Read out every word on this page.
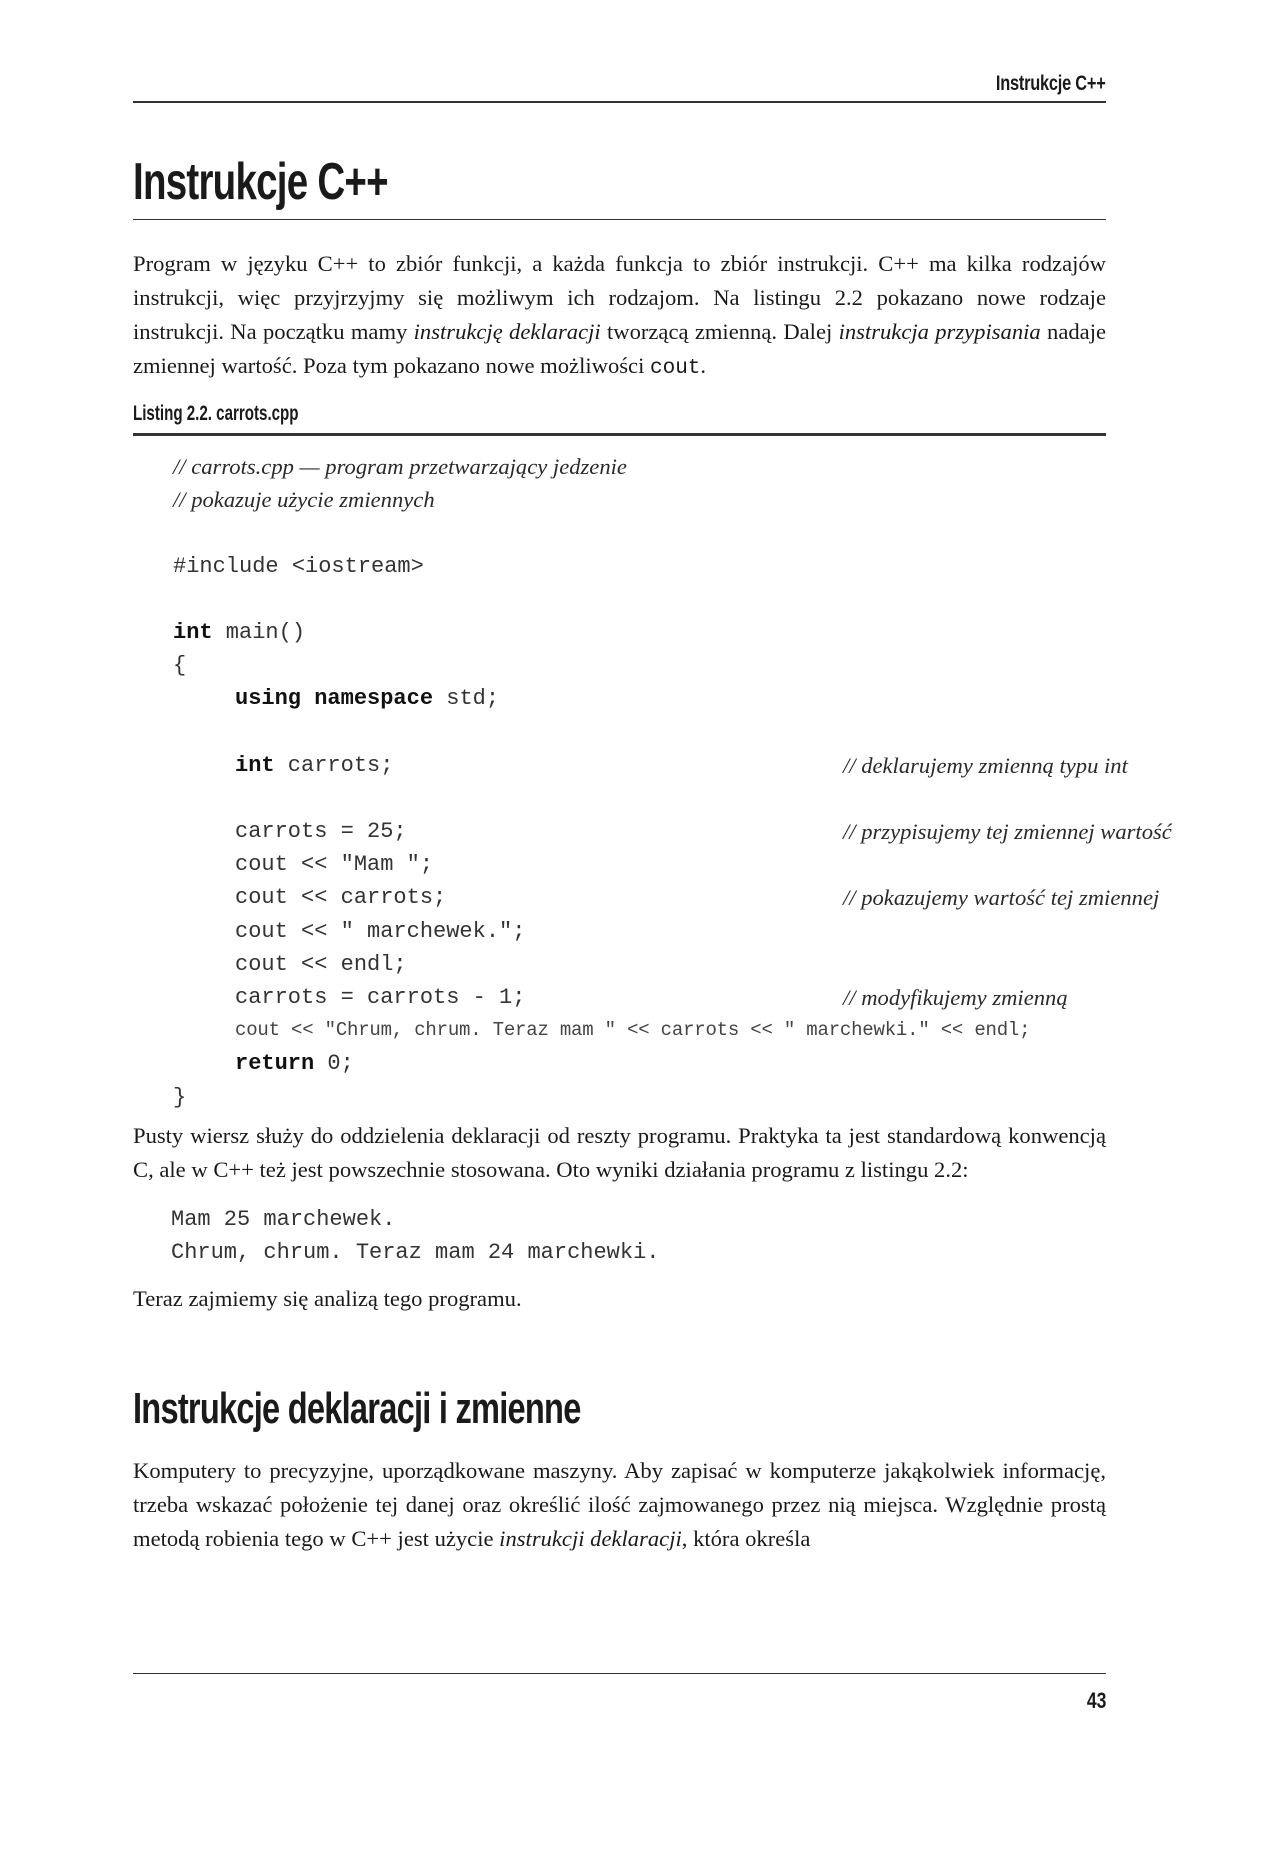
Instrukcje C++
Instrukcje C++

Program w języku C++ to zbiór funkcji, a każda funkcja to zbiór instrukcji. C++ ma kilka rodzajów instrukcji, więc przyjrzyjmy się możliwym ich rodzajom. Na listingu 2.2 pokazano nowe rodzaje instrukcji. Na początku mamy instrukcję deklaracji tworzącą zmienną. Dalej instrukcja przypisania nadaje zmiennej wartość. Poza tym pokazano nowe możliwości cout.

Listing 2.2. carrots.cpp
// carrots.cpp — program przetwarzający jedzenie
// pokazuje użycie zmiennych
#include <iostream>
int main()
{
using namespace std;
int carrots;	// deklarujemy zmienną typu int
carrots = 25;	// przypisujemy tej zmiennej wartość
cout << "Mam ";
cout << carrots;	// pokazujemy wartość tej zmiennej
cout << " marchewek.";
cout << endl;
carrots = carrots - 1;	// modyfikujemy zmienną
cout << "Chrum, chrum. Teraz mam " << carrots << " marchewki." << endl;
return 0;
}

Pusty wiersz służy do oddzielenia deklaracji od reszty programu. Praktyka ta jest standardową konwencją C, ale w C++ też jest powszechnie stosowana. Oto wyniki działania programu z listingu 2.2:

Mam 25 marchewek.
Chrum, chrum. Teraz mam 24 marchewki.

Teraz zajmiemy się analizą tego programu.

Instrukcje deklaracji i zmienne

Komputery to precyzyjne, uporządkowane maszyny. Aby zapisać w komputerze jakąkolwiek informację, trzeba wskazać położenie tej danej oraz określić ilość zajmowanego przez nią miejsca. Względnie prostą metodą robienia tego w C++ jest użycie instrukcji deklaracji, która określa

43
